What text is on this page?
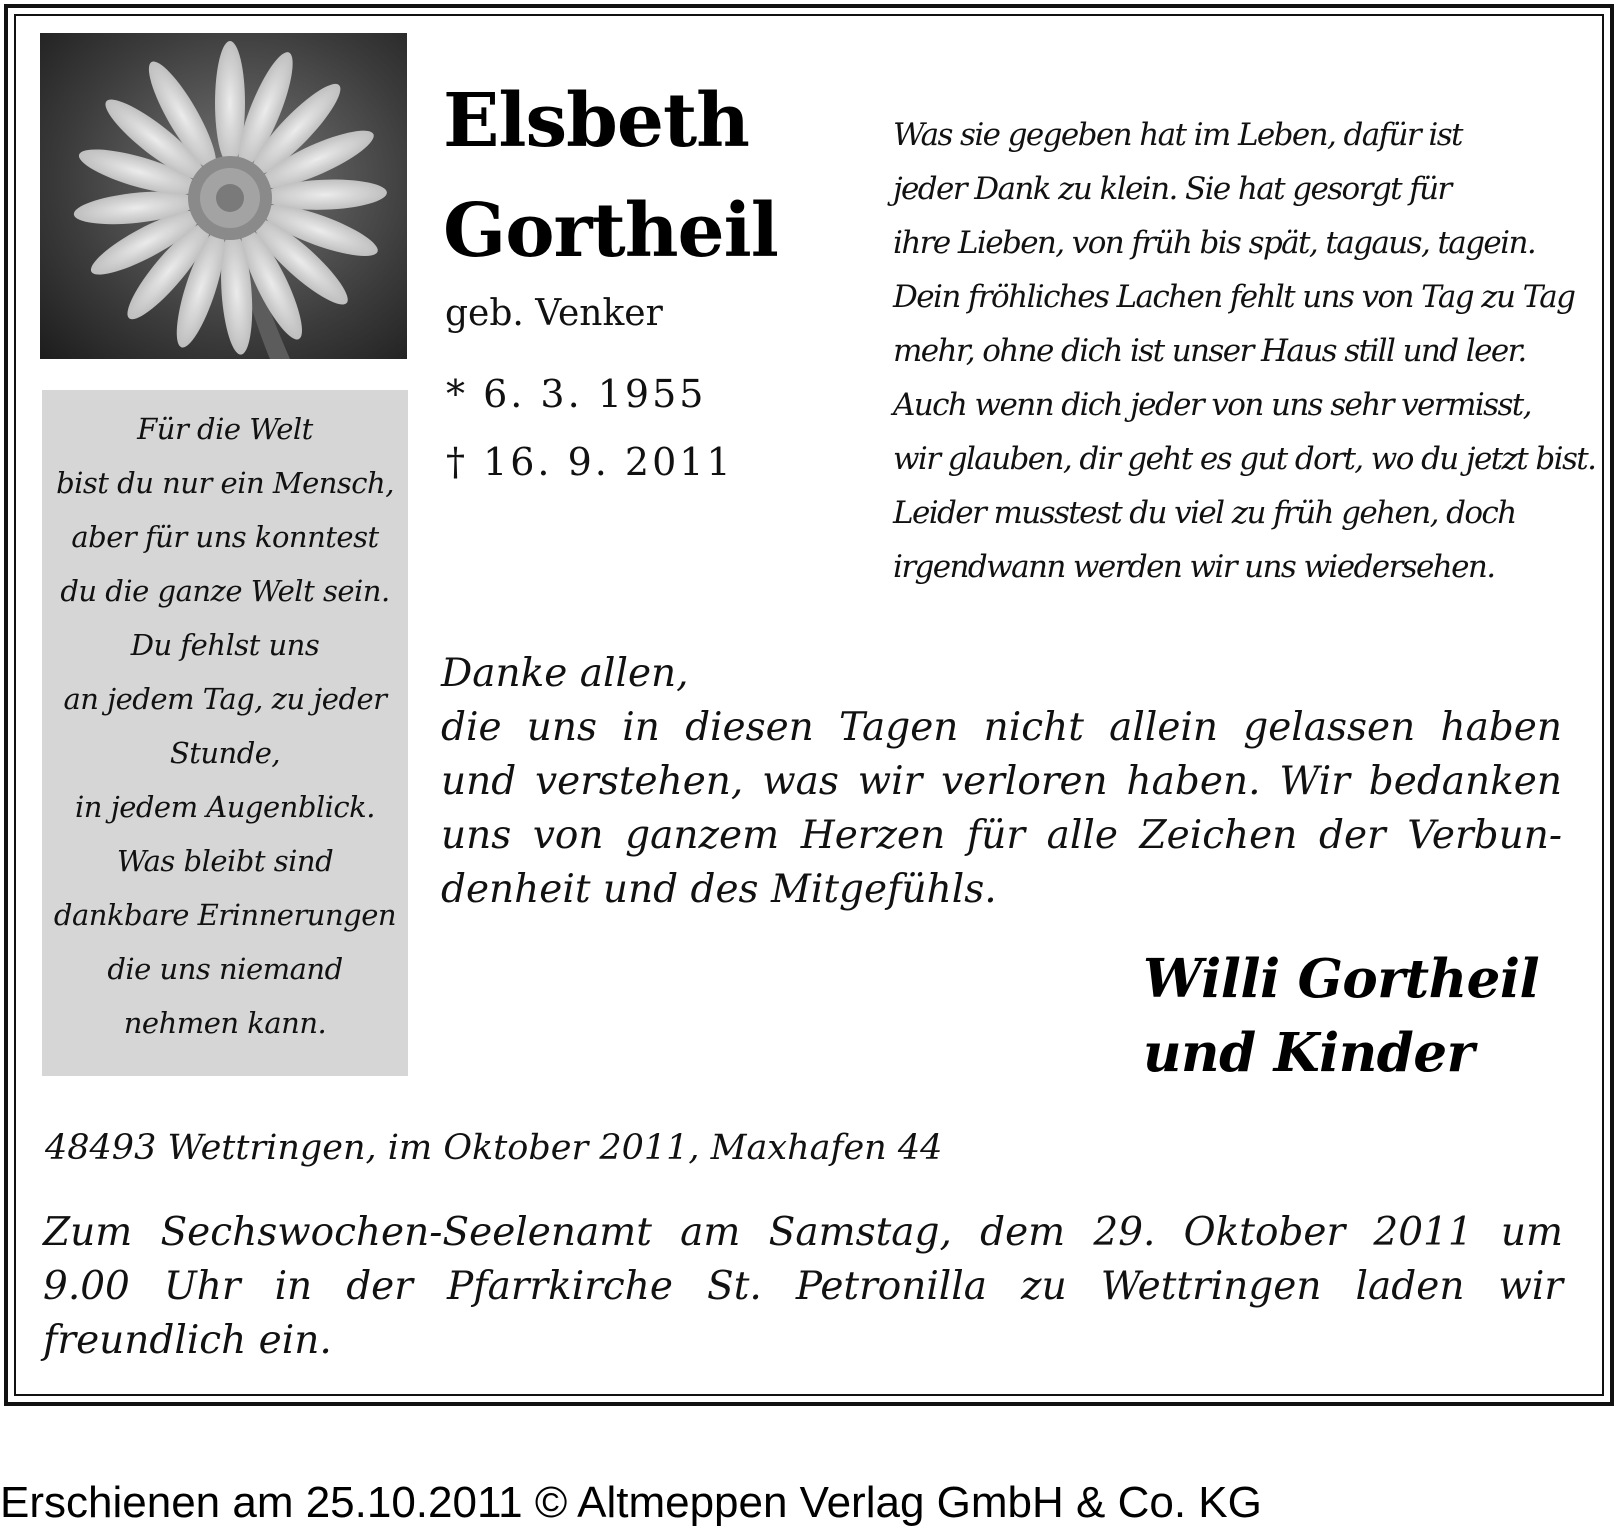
Für die Welt
bist du nur ein Mensch,
aber für uns konntest
du die ganze Welt sein.
Du fehlst uns
an jedem Tag, zu jeder
Stunde,
in jedem Augenblick.
Was bleibt sind
dankbare Erinnerungen
die uns niemand
nehmen kann.
Elsbeth
Gortheil
geb. Venker
* 6. 3. 1955
† 16. 9. 2011
Was sie gegeben hat im Leben, dafür ist
jeder Dank zu klein. Sie hat gesorgt für
ihre Lieben, von früh bis spät, tagaus, tagein.
Dein fröhliches Lachen fehlt uns von Tag zu Tag
mehr, ohne dich ist unser Haus still und leer.
Auch wenn dich jeder von uns sehr vermisst,
wir glauben, dir geht es gut dort, wo du jetzt bist.
Leider musstest du viel zu früh gehen, doch
irgendwann werden wir uns wiedersehen.
Danke allen,
die uns in diesen Tagen nicht allein gelassen haben
und verstehen, was wir verloren haben. Wir bedanken
uns von ganzem Herzen für alle Zeichen der Verbun-
denheit und des Mitgefühls.
Willi Gortheil
und Kinder
48493 Wettringen, im Oktober 2011, Maxhafen 44
Zum Sechswochen-Seelenamt am Samstag, dem 29. Oktober 2011 um
9.00 Uhr in der Pfarrkirche St. Petronilla zu Wettringen laden wir
freundlich ein.
Erschienen am 25.10.2011 © Altmeppen Verlag GmbH & Co. KG
